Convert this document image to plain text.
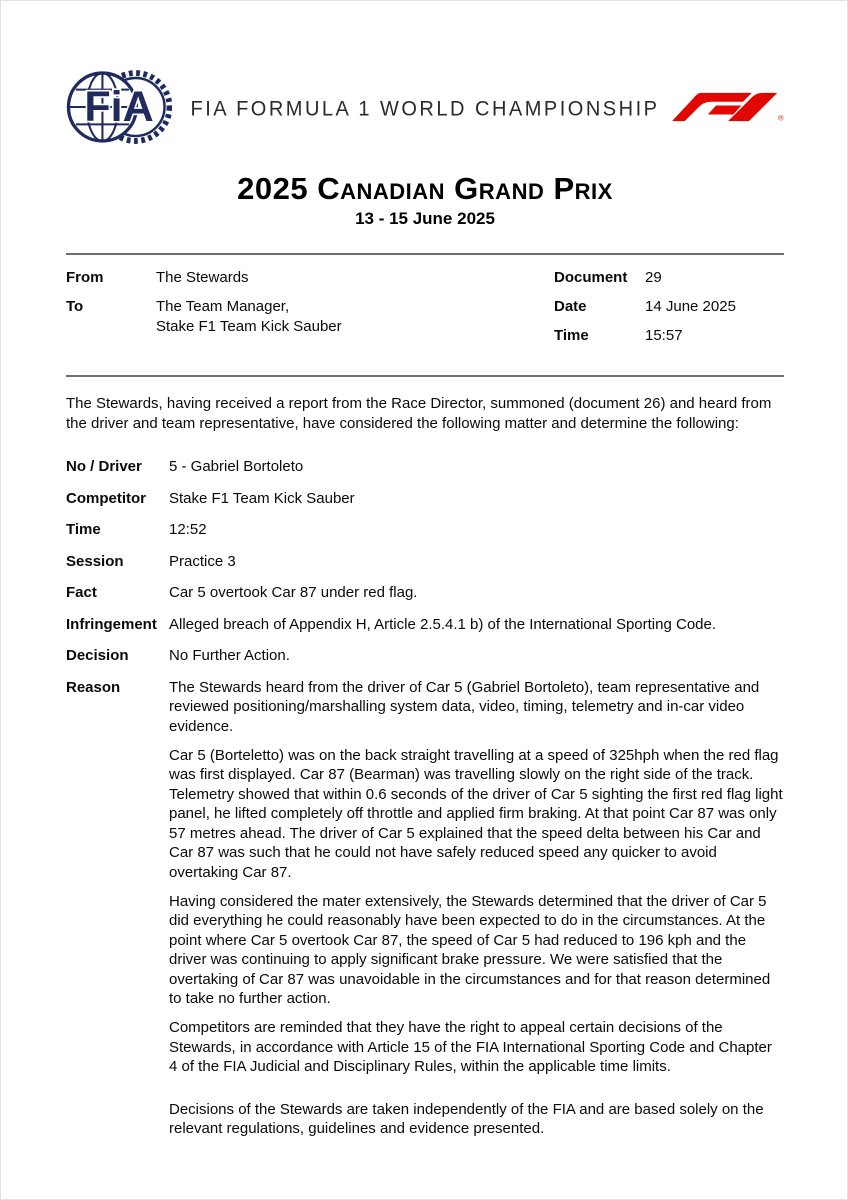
FiA	FIA FORMULA 1 WORLD CHAMPIONSHIP	®
2025 Canadian Grand Prix
13 - 15 June 2025
From	The Stewards
To	The Team Manager,
Stake F1 Team Kick Sauber
Document	29
Date	14 June 2025
Time	15:57

The Stewards, having received a report from the Race Director, summoned (document 26) and heard from the driver and team representative, have considered the following matter and determine the following:

No / Driver	5 - Gabriel Bortoleto
Competitor	Stake F1 Team Kick Sauber
Time	12:52
Session	Practice 3
Fact	Car 5 overtook Car 87 under red flag.
Infringement Alleged breach of Appendix H, Article 2.5.4.1 b) of the International Sporting Code.
Decision	No Further Action.
Reason	The Stewards heard from the driver of Car 5 (Gabriel Bortoleto), team representative and reviewed positioning/marshalling system data, video, timing, telemetry and in-car video evidence.

Car 5 (Borteletto) was on the back straight travelling at a speed of 325hph when the red flag was first displayed. Car 87 (Bearman) was travelling slowly on the right side of the track. Telemetry showed that within 0.6 seconds of the driver of Car 5 sighting the first red flag light panel, he lifted completely off throttle and applied firm braking. At that point Car 87 was only 57 metres ahead. The driver of Car 5 explained that the speed delta between his Car and Car 87 was such that he could not have safely reduced speed any quicker to avoid overtaking Car 87.

Having considered the mater extensively, the Stewards determined that the driver of Car 5 did everything he could reasonably have been expected to do in the circumstances. At the point where Car 5 overtook Car 87, the speed of Car 5 had reduced to 196 kph and the driver was continuing to apply significant brake pressure. We were satisfied that the overtaking of Car 87 was unavoidable in the circumstances and for that reason determined to take no further action.

Competitors are reminded that they have the right to appeal certain decisions of the Stewards, in accordance with Article 15 of the FIA International Sporting Code and Chapter 4 of the FIA Judicial and Disciplinary Rules, within the applicable time limits.

Decisions of the Stewards are taken independently of the FIA and are based solely on the relevant regulations, guidelines and evidence presented.
